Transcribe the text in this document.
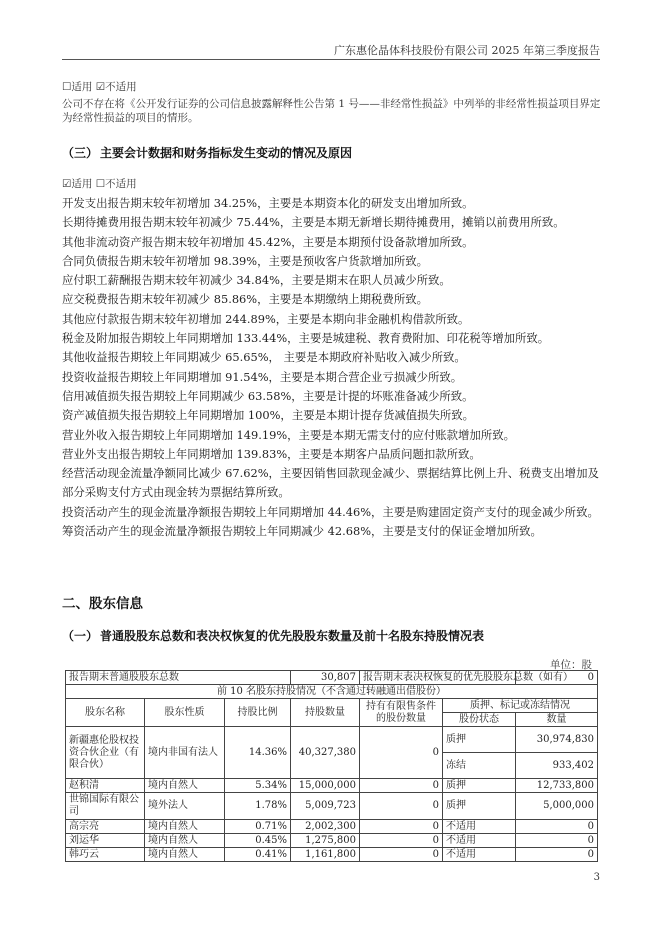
广东惠伦晶体科技股份有限公司 2025 年第三季度报告
☐适用 ☑不适用
公司不存在将《公开发行证券的公司信息披露解释性公告第 1 号——非经常性损益》中列举的非经常性损益项目界定为经常性损益的项目的情形。
（三） 主要会计数据和财务指标发生变动的情况及原因
☑适用 ☐不适用
开发支出报告期末较年初增加 34.25%，主要是本期资本化的研发支出增加所致。
长期待摊费用报告期末较年初减少 75.44%，主要是本期无新增长期待摊费用，摊销以前费用所致。
其他非流动资产报告期末较年初增加 45.42%，主要是本期预付设备款增加所致。
合同负债报告期末较年初增加 98.39%，主要是预收客户货款增加所致。
应付职工薪酬报告期末较年初减少 34.84%，主要是期末在职人员减少所致。
应交税费报告期末较年初减少 85.86%，主要是本期缴纳上期税费所致。
其他应付款报告期末较年初增加 244.89%，主要是本期向非金融机构借款所致。
税金及附加报告期较上年同期增加 133.44%，主要是城建税、教育费附加、印花税等增加所致。
其他收益报告期较上年同期减少 65.65%， 主要是本期政府补贴收入减少所致。
投资收益报告期较上年同期增加 91.54%，主要是本期合营企业亏损减少所致。
信用减值损失报告期较上年同期减少 63.58%，主要是计提的坏账准备减少所致。
资产减值损失报告期较上年同期增加 100%，主要是本期计提存货减值损失所致。
营业外收入报告期较上年同期增加 149.19%，主要是本期无需支付的应付账款增加所致。
营业外支出报告期较上年同期增加 139.83%，主要是本期客户品质问题扣款所致。
经营活动现金流量净额同比减少 67.62%，主要因销售回款现金减少、票据结算比例上升、税费支出增加及部分采购支付方式由现金转为票据结算所致。
投资活动产生的现金流量净额报告期较上年同期增加 44.46%，主要是购建固定资产支付的现金减少所致。
筹资活动产生的现金流量净额报告期较上年同期减少 42.68%，主要是支付的保证金增加所致。
二、股东信息
（一） 普通股股东总数和表决权恢复的优先股股东数量及前十名股东持股情况表
单位：股
报告期末普通股股东总数			30,807	报告期末表决权恢复的优先股股东总数（如有）		0
前 10 名股东持股情况（不含通过转融通出借股份）						
股东名称	股东性质	持股比例	持股数量	持有有限售条件的股份数量	质押、标记或冻结情况	
					股份状态	数量
新疆惠伦股权投资合伙企业（有限合伙）	境内非国有法人	14.36%	40,327,380	0	质押	30,974,830
					冻结	933,402
赵积清	境内自然人	5.34%	15,000,000	0	质押	12,733,800
世锦国际有限公司	境外法人	1.78%	5,009,723	0	质押	5,000,000
高宗亮	境内自然人	0.71%	2,002,300	0	不适用	0
刘运华	境内自然人	0.45%	1,275,800	0	不适用	0
韩巧云	境内自然人	0.41%	1,161,800	0	不适用	0
3
